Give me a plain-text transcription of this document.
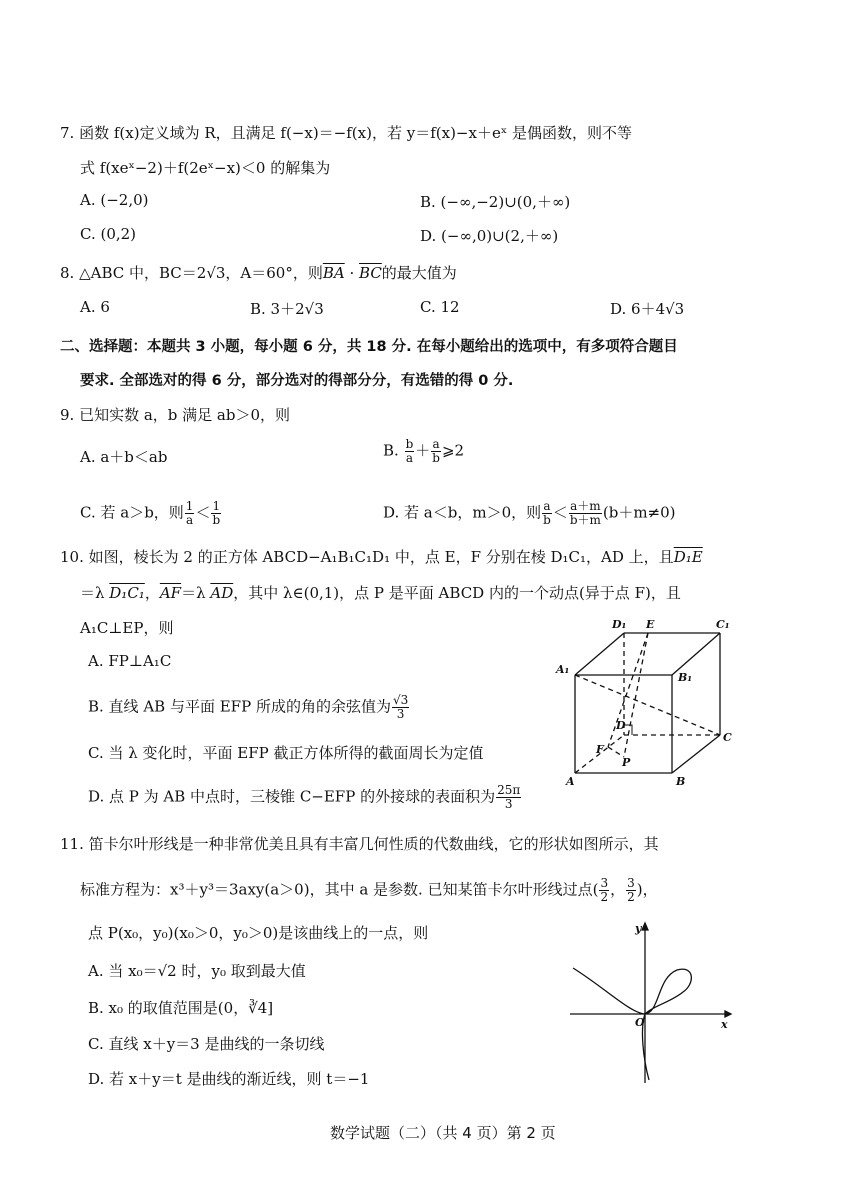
7. 函数 f(x)定义域为 R，且满足 f(−x)＝−f(x)，若 y＝f(x)−x＋eˣ 是偶函数，则不等
式 f(xeˣ−2)＋f(2eˣ−x)＜0 的解集为
A. (−2,0)	B. (−∞,−2)∪(0,＋∞)
C. (0,2)	D. (−∞,0)∪(2,＋∞)
8. △ABC 中，BC＝2√3，A＝60°，则$\overline{BA} \cdot \overline{BC}$的最大值为
A. 6	B. 3＋2√3	C. 12	D. 6＋4√3
二、选择题：本题共 3 小题，每小题 6 分，共 18 分. 在每小题给出的选项中，有多项符合题目
要求. 全部选对的得 6 分，部分选对的得部分分，有选错的得 0 分.
9. 已知实数 a，b 满足 ab＞0，则
A. a＋b＜ab	B. $\frac{b}{a} + \frac{a}{b}$ ⩾2
C. 若 a＞b，则 $\frac{1}{a} < \frac{1}{b}$	D. 若 a＜b，m＞0，则 $\frac{a}{b} < \frac{a+m}{b+m} (b+m\ne 0)$
10. 如图，棱长为 2 的正方体 ABCD−A₁B₁C₁D₁ 中，点 E，F 分别在棱 D₁C₁，AD 上，且D₁E
＝λ D₁C₁，$\overline{AF}=\lambda$ $\overline{AD}$，其中 λ∈(0,1)，点 P 是平面 ABCD 内的一个动点(异于点 F)，且
A₁C⊥EP，则
A. FP⊥A₁C
B. 直线 AB 与平面 EFP 所成的角的余弦值为 $\frac{√3}{3}$
C. 当 λ 变化时，平面 EFP 截正方体所得的截面周长为定值
D. 点 P 为 AB 中点时，三棱锥 C−EFP 的外接球的表面积为 $\frac{25\pi}{3}$
D₁ E	C₁
A₁
B₁
D
C
F
P
A	B
11. 笛卡尔叶形线是一种非常优美且具有丰富几何性质的代数曲线，它的形状如图所示，其
标准方程为：x³＋y³＝3axy(a＞0)，其中 a 是参数. 已知某笛卡尔叶形线过点( $\frac{3}{2}$ ， $\frac{3}{2}$ )，
点 P(x₀，y₀)(x₀＞0，y₀＞0)是该曲线上的一点，则
A. 当 x₀＝√2 时，y₀ 取到最大值
B. x₀ 的取值范围是(0，∛4]
C. 直线 x＋y＝3 是曲线的一条切线
D. 若 x＋y＝t 是曲线的渐近线，则 t＝−1
y
O	x
数学试题（二）（共 4 页）第 2 页
